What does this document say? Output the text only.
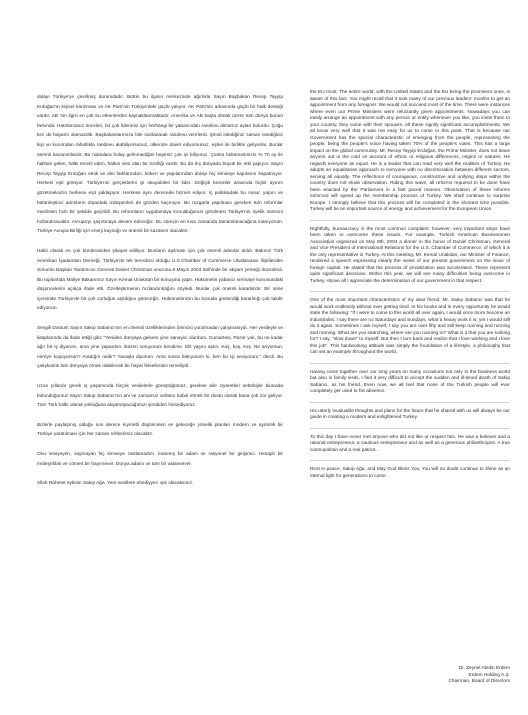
dolayı Türkiye'ye çevrilmiş durumdadır. Bütün bu ilginin merkezinde ağırlıkla Sayın Başbakan Recep Tayyip Erdoğan'ın kişisel karizması ve AK Parti'nin Türkiye'deki güçlü yatıyor. AK Parti'nin arkasında güçlü bir halk desteği vardır. AB 'nin ilgisi en çok bu etkenlerden kaynaklanmaktadır. Amerika ve AB başta olmak üzere tüm dünya bunun farkında. Hatırlarsanız önceleri, bir çok liderimiz için herhangi bir yabancıdan randevu almamız ayları bulurdu. Çoğu kez de başarılı olamazdık. Başbakanlarımıza bile nazlanarak randevu verirlerdi. Şimdi istediğiniz zaman istediğiniz kişi ve kurumdan rahatlıkla randevu alabiliyorsunuz, ülkenize davet ediyorsunuz, eşleri ile birlikte geliyorlar. Bunlar önemli kazanımlardır. Bu noktalara holay gelinmediğini hepimiz çok iyi biliyoruz. Çünkü hükümetimizin % 70 oy ile halktan gelen, halkı temsil eden, halkın sesi olan bir özelliği vardır. Bu da dış dünyada büyük bir etki yapıyor. Sayın Recep Tayyip Erdoğan etnik ve dini farklarından, köken ve yapılarından dolayı hiç kimseye kapılarını kapatmıyor. Herkesi eşit görüyor. Türkiye'nin gerçeklerini iyi okuyabilen bir lider. Değişik kesimler arasında hiçbir ayırım gözetmeksizin herkese eşit yaklaşıyor. Herkese aynı derecede hizmet ediyor. İç politikadaki bu cesur, yapıcı ve bütünleştirici adımların dışardaki izdüşümleri de gözden kaçmıyor. Bu rüzgarla yapılması gereken tüm reformlar meclisten hızlı bir şekilde geçirildi. Bu reformların uygulamaya konulduğunun görülmesi Türkiye'nin üyelik sürecini hızlandıracaktır. Avrupa'yı şaşırtmaya devam edeceğiz. Bu süreçin en kısa zamanda tamamlanacağına inanıyorum. Türkiye Avrupa Birliği için enerji kaynağı ve önemli bir kazanım olacaktır.

Haklı olarak en çok bürokrasiden şikayet ediliyor. Bunların aşılması için çok önemli adımlar atıldı. Bakınız Türk Amerikan İşadamları Derneği, Türkiye'de tek temsilcisi olduğu U.S.Chamber of Commerce Uluslararası İlişkilerden Sorumlu Başkan Yardımcısı General Daniel Christman onuruna 8 Mayıs 2004 tarihinde bir akşam yemeği düzenledi. Bu toplantıda Maliye Bakanımız Sayın Kemal Unakıtan bir konuşma yaptı. Hükümetin yabancı sermaye konusundaki düşüncelerini açıkça ifade etti. Özelleştirmenin hızlandırıldığını söyledi. Bunlar çok önemli kararlardır. Bir sene içersinde Türkiye'de bir çok zorluğun aşıldığını göreceğiz. Hükümetimizin bu konuda gösterdiği kararlılığı çok takdir ediyorum.

Sevgili Dostum Sayın Sakıp Sabancı'nın en önemli özelliklerinden birincisi yorulmadan çalışmasıydı. Her vesileyle ve kitaplarında da ifade ettiği gibi: "Yeniden dünyaya gelsem yine sanayici olurdum. Cumartesi, Pazar yok, bu ne kadar ağır bir iş diyorum, ama yine yapardım. Bazen soruyorum kendime. Elli yaşını aştın. Koş, koş, koş. Ne arıyorsun, nereye koşuyorsun? Aradığın nedir? Yavaşla diyorum. Ama sonra bakıyorum ki, ben bu işi seviyorum." derdi. Bu çalışkanlık tüm dünyaya örnek olabilecek bir hayat felsefesinin temeliydi.

Uzun yıllardır gerek iş yaşamında birçok vesilelerle görüştüğümüz, gerekse aile ziyaretleri sebebiyle birarada bulunduğumuz Sayın Sakıp Sabancı'nın ani ve zamansız vefatını kabul etmek bir dostu olarak bana çok zor geliyor. Tüm Türk halkı olarak yokluğuna alışamayacağımızı şimdiden hissediyoruz.

Bizlerle paylaşmış olduğu son derece kıymetli düşünceleri ve geleceğe yönelik planları modern ve aydınlık bir Türkiye yaratılması için her zaman rehberimiz olacaktır.

Onu seviyeyen, saymayan hiç kimseye rastlamadım. İnanmış bir adam ve rasyonel bir girişimci. Hesaplı bir müteşebbis ve cömert bir hayırsever. Dünya adamı ve tam bir vatansever.

Allah Rahmet eylesin Sakıp Ağa. Yeni nesillere ebediyyen ışık olacaksınız.

the EU most. The entire world, with the United States and the EU being the prominent ones, is aware of this fact. You might recall that it took many of our previous leaders' months to get an appointment from any foreigner. We would not succeed most of the time. There were instances where even our Prime Ministers were reluctantly given appointments. Nowadays you can easily arrange an appointment with any person or entity whenever you like, you invite them to your country, they come with their spouses. All these signify significant accomplishments. We all know very well that it was not easy for us to come to this point. That is because our Government has the special characteristic of emerging from the people, representing the people, being the people's voice having taken 70% of the people's votes. This has a large impact on the global community. Mr. Recep Tayyip Erdoğan, the Prime Minister, does not leave anyone out in the cold on account of ethnic or religious differences, origins or natures. He regards everyone as equal. He is a leader that can read very well the realities of Turkey. He adopts an equalitarian approach to everyone with no discrimination between different sectors, serving all equally. The reflections of courageous, constructive and unifying steps within the country does not elude observation. Riding this wave, all reforms required to be done have been enacted by the Parliament in a fast paced manner. Observation of these reforms enforced will speed up the membership process of Turkey. We shall continue to surprise Europe. I strongly believe that this process will be completed in the shortest time possible. Turkey will be an important source of energy and achievement for the European Union.

Rightfully, bureaucracy is the most common complaint, however, very important steps have been taken to overcome these issues. For example, Turkish American Businessmen Association organized on May 8th, 2004 a dinner in the honor of Daniel Christman, General and Vice President of International Relations for the U.S. Chamber of Commerce, of which it is the only representative in Turkey. At this meeting, Mr. Kemal Unakitan, our Minister of Finance, rendered a speech expressing clearly the views of our present government on the issue of foreign capital. He stated that the process of privatization was accelerated. These represent quite significant decisions. Within this year, we will see many difficulties being overcome in Turkey. Above all I appreciate the determination of our government in that respect.

One of the most important characteristics of my dear friend, Mr. Sakıp Sabancı was that he would work endlessly without ever getting tired. In his books and in every opportunity he would state the following: "If I were to come to this world all over again, I would once more become an industrialist. I say there are no Saturdays and Sundays, what a heavy work it is; yet I would still do it again. Sometimes I ask myself, I say you are over fifty and still keep running and running and running. What are you searching, where are you running to? What is it that you are looking for? I say, "slow down" to myself. But then I turn back and realize that I love working and I love this job". This hardworking attitude was simply the foundation of a lifestyle, a philosophy that can set an example throughout the world.

Having come together over our long years on many occasions not only in the business world but also in family visits, I find it very difficult to accept the sudden and ill-timed death of Sakıp Sabancı, as his friend. Even now, we all feel that none of the Turkish people will ever completely get used to his absence.

His utterly invaluable thoughts and plans for the future that he shared with us will always be our guide in creating a modern and enlightened Turkey.

To this day I have never met anyone who did not like or respect him. He was a believer and a rational entrepreneur, a cautious entrepreneur and as well as a generous philanthropist. A true cosmopolitan and a real patriot...

Rest in peace, Sakıp Ağa, and May God Bless You. You will no doubt continue to shine as an eternal light for generations to come.

Dr. Zeynel Abidin Erdem
Erdem Holding A.Ş.
Chairman, Board of Directors
